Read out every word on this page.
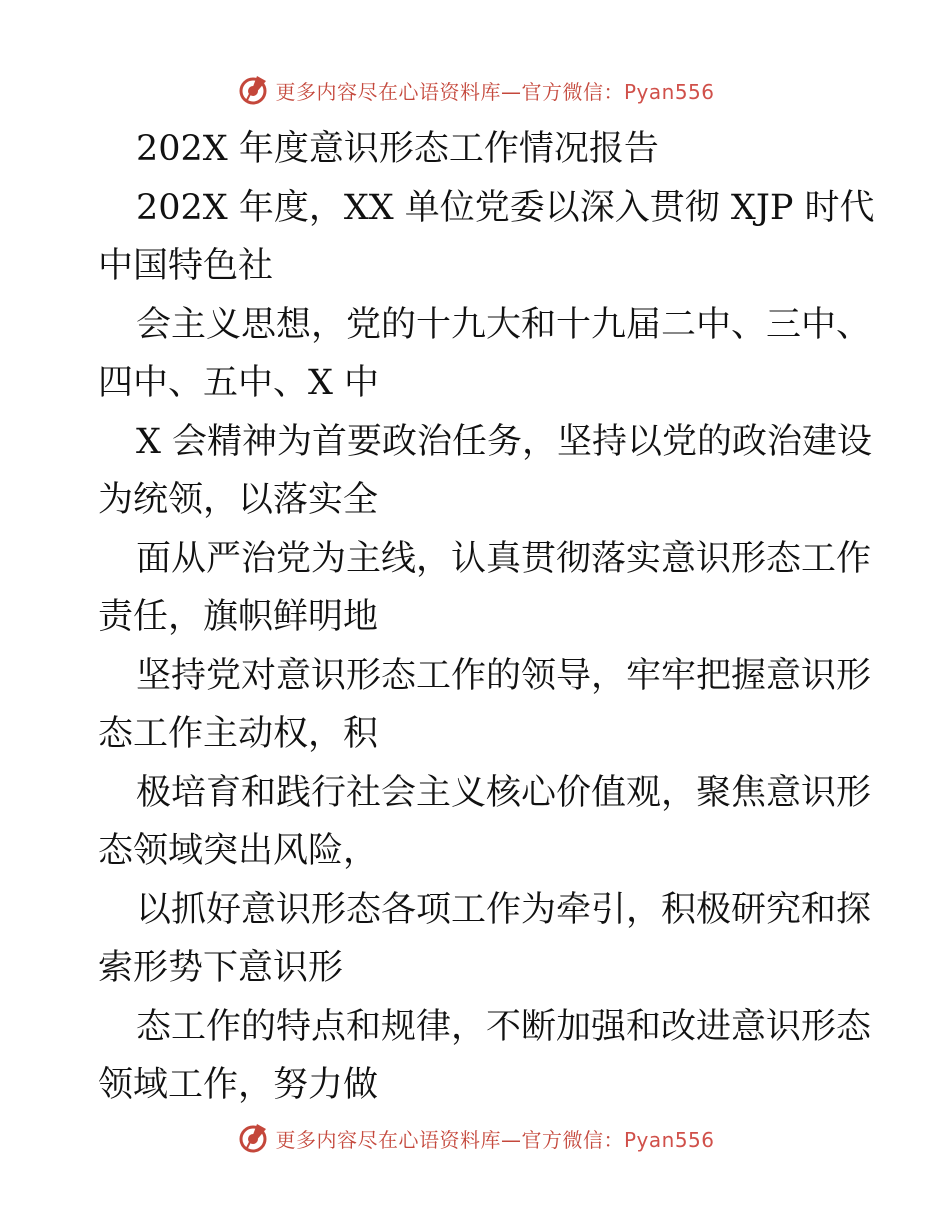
更多内容尽在心语资料库—官方微信：Pyan556
202X 年度意识形态工作情况报告
202X 年度，XX 单位党委以深入贯彻 XJP 时代
中国特色社
会主义思想，党的十九大和十九届二中、三中、
四中、五中、X 中
X 会精神为首要政治任务，坚持以党的政治建设
为统领，以落实全
面从严治党为主线，认真贯彻落实意识形态工作
责任，旗帜鲜明地
坚持党对意识形态工作的领导，牢牢把握意识形
态工作主动权，积
极培育和践行社会主义核心价值观，聚焦意识形
态领域突出风险，
以抓好意识形态各项工作为牵引，积极研究和探
索形势下意识形
态工作的特点和规律，不断加强和改进意识形态
领域工作，努力做
更多内容尽在心语资料库—官方微信：Pyan556
